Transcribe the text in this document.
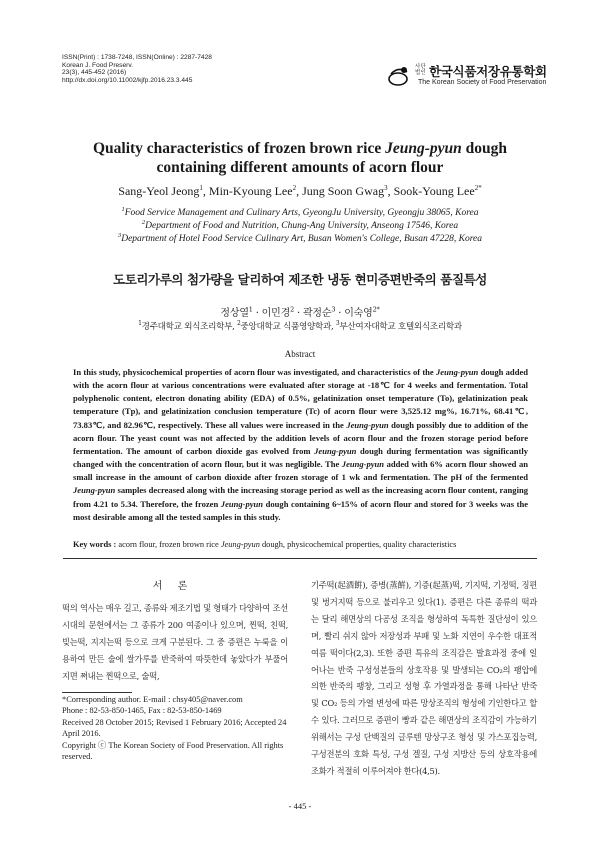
ISSN(Print) : 1738-7248, ISSN(Online) : 2287-7428
Korean J. Food Preserv.
23(3), 445-452 (2016)
http://dx.doi.org/10.11002/kjfp.2016.23.3.445
사단
법인 한국식품저장유통학회
The Korean Society of Food Preservation
Quality characteristics of frozen brown rice Jeung-pyun dough
containing different amounts of acorn flour
Sang-Yeol Jeong$^1$, Min-Kyoung Lee$^2$, Jung Soon Gwag$^3$, Sook-Young Lee$^{2*}$
$^1$Food Service Management and Culinary Arts, GyeongJu University, Gyeongju 38065, Korea
$^2$Department of Food and Nutrition, Chung-Ang University, Anseong 17546, Korea
$^3$Department of Hotel Food Service Culinary Art, Busan Women's College, Busan 47228, Korea
도토리가루의 첨가량을 달리하여 제조한 냉동 현미증편반죽의 품질특성
정상열$^1$ · 이민경$^2$ · 곽정순$^3$ · 이숙영$^{2*}$
$^1$경주대학교 외식조리학부, $^2$중앙대학교 식품영양학과, $^3$부산여자대학교 호텔외식조리학과
Abstract
In this study, physicochemical properties of acorn flour was investigated, and characteristics of the Jeung-pyun dough added with the acorn flour at various concentrations were evaluated after storage at -18℃ for 4 weeks and fermentation. Total polyphenolic content, electron donating ability (EDA) of 0.5%, gelatinization onset temperature (To), gelatinization peak temperature (Tp), and gelatinization conclusion temperature (Tc) of acorn flour were 3,525.12 mg%, 16.71%, 68.41℃, 73.83℃, and 82.96℃, respectively. These all values were increased in the Jeung-pyun dough possibly due to addition of the acorn flour. The yeast count was not affected by the addition levels of acorn flour and the frozen storage period before fermentation. The amount of carbon dioxide gas evolved from Jeung-pyun dough during fermentation was significantly changed with the concentration of acorn flour, but it was negligible. The Jeung-pyun added with 6% acorn flour showed an small increase in the amount of carbon dioxide after frozen storage of 1 wk and fermentation. The pH of the fermented Jeung-pyun samples decreased along with the increasing storage period as well as the increasing acorn flour content, ranging from 4.21 to 5.34. Therefore, the frozen Jeung-pyun dough containing 6~15% of acorn flour and stored for 3 weeks was the most desirable among all the tested samples in this study.
Key words : acorn flour, frozen brown rice Jeung-pyun dough, physicochemical properties, quality characteristics
서 론
떡의 역사는 매우 길고, 종류와 제조기법 및 형태가 다양하여 조선시대의 문헌에서는 그 종류가 200 여종이나 있으며, 찐떡, 친떡, 빚는떡, 지지는떡 등으로 크게 구분된다. 그 중 증편은 누룩을 이용하여 만든 술에 쌀가루를 반죽하여 따뜻한데 놓았다가 부풀어지면 쪄내는 찐떡으로, 술떡,
기주떡(起酒餠), 증병(蒸餠), 기증(起蒸)떡, 기지떡, 기정떡, 징편 및 벙거지떡 등으로 불리우고 있다(1). 증편은 다른 종류의 떡과는 달리 해면상의 다공성 조직을 형성하여 독특한 질단성이 있으며, 빨리 쉬지 않아 저장성과 부패 및 노화 지연이 우수한 대표적 여름 떡이다(2,3). 또한 증편 특유의 조직감은 발효과정 중에 일어나는 반죽 구성성분들의 상호작용 및 발생되는 CO₂의 팽압에 의한 반죽의 팽창, 그리고 성형 후 가열과정을 통해 나타난 반죽 및 CO₂ 등의 가열 변성에 따른 망상조직의 형성에 기인한다고 할 수 있다. 그러므로 증편이 빵과 같은 해면상의 조직감이 가능하기 위해서는 구성 단백질의 글루텐 망상구조 형성 및 가스포집능력, 구성전분의 호화 특성, 구성 겔질, 구성 지방산 등의 상호작용에 조화가 적절히 이루어져야 한다(4,5).
*Corresponding author. E-mail : chsy405@naver.com
Phone : 82-53-850-1465, Fax : 82-53-850-1469
Received 28 October 2015; Revised 1 February 2016; Accepted 24 April 2016.
Copyright ⓒ The Korean Society of Food Preservation. All rights reserved.
- 445 -
